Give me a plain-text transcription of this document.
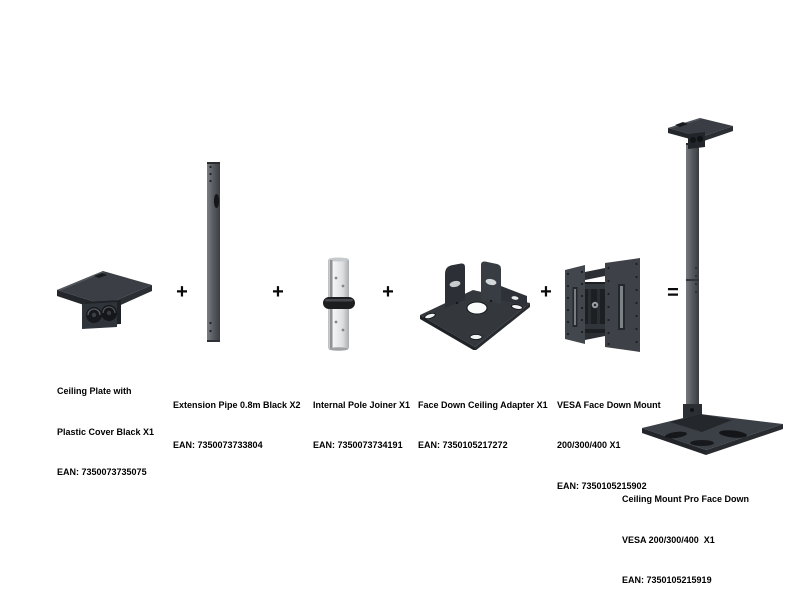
+	+	+	+	=

Ceiling Plate with

Plastic Cover Black X1

EAN: 7350073735075

Extension Pipe 0.8m Black X2

EAN: 7350073733804

Internal Pole Joiner X1

EAN: 7350073734191

Face Down Ceiling Adapter X1

EAN: 7350105217272

VESA Face Down Mount

200/300/400 X1

EAN: 7350105215902

Ceiling Mount Pro Face Down

VESA 200/300/400  X1

EAN: 7350105215919
